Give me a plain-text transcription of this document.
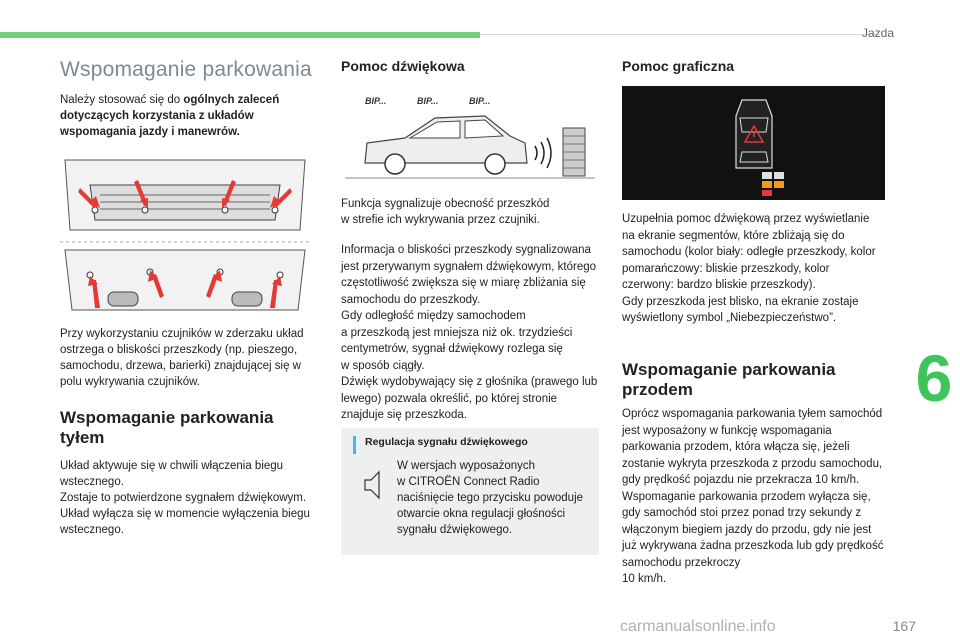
Jazda
6
Wspomaganie parkowania

Należy stosować się do ogólnych zaleceń dotyczących korzystania z układów wspomagania jazdy i manewrów.

Przy wykorzystaniu czujników w zderzaku układ ostrzega o bliskości przeszkody (np. pieszego, samochodu, drzewa, barierki) znajdującej się w polu wykrywania czujników.

Wspomaganie parkowania tyłem

Układ aktywuje się w chwili włączenia biegu wstecznego.
Zostaje to potwierdzone sygnałem dźwiękowym.
Układ wyłącza się w momencie wyłączenia biegu wstecznego.

Pomoc dźwiękowa
BIP...	BIP...	BIP...

Funkcja sygnalizuje obecność przeszkód
w strefie ich wykrywania przez czujniki.

Informacja o bliskości przeszkody sygnalizowana jest przerywanym sygnałem dźwiękowym, którego częstotliwość zwiększa się w miarę zbliżania się samochodu do przeszkody.
Gdy odległość między samochodem
a przeszkodą jest mniejsza niż ok. trzydzieści centymetrów, sygnał dźwiękowy rozlega się
w sposób ciągły.
Dźwięk wydobywający się z głośnika (prawego lub lewego) pozwala określić, po której stronie znajduje się przeszkoda.

Regulacja sygnału dźwiękowego
W wersjach wyposażonych
w CITROËN Connect Radio naciśnięcie tego przycisku powoduje otwarcie okna regulacji głośności sygnału dźwiękowego.
Pomoc graficzna

Uzupełnia pomoc dźwiękową przez wyświetlanie na ekranie segmentów, które zbliżają się do samochodu (kolor biały: odległe przeszkody, kolor pomarańczowy: bliskie przeszkody, kolor czerwony: bardzo bliskie przeszkody).
Gdy przeszkoda jest blisko, na ekranie zostaje wyświetlony symbol „Niebezpieczeństwo”.

Wspomaganie parkowania przodem

Oprócz wspomagania parkowania tyłem samochód jest wyposażony w funkcję wspomagania parkowania przodem, która włącza się, jeżeli zostanie wykryta przeszkoda z przodu samochodu, gdy prędkość pojazdu nie przekracza 10 km/h.
Wspomaganie parkowania przodem wyłącza się, gdy samochód stoi przez ponad trzy sekundy z włączonym biegiem jazdy do przodu, gdy nie jest już wykrywana żadna przeszkoda lub gdy prędkość samochodu przekroczy
10 km/h.

carmanualsonline.info	167
